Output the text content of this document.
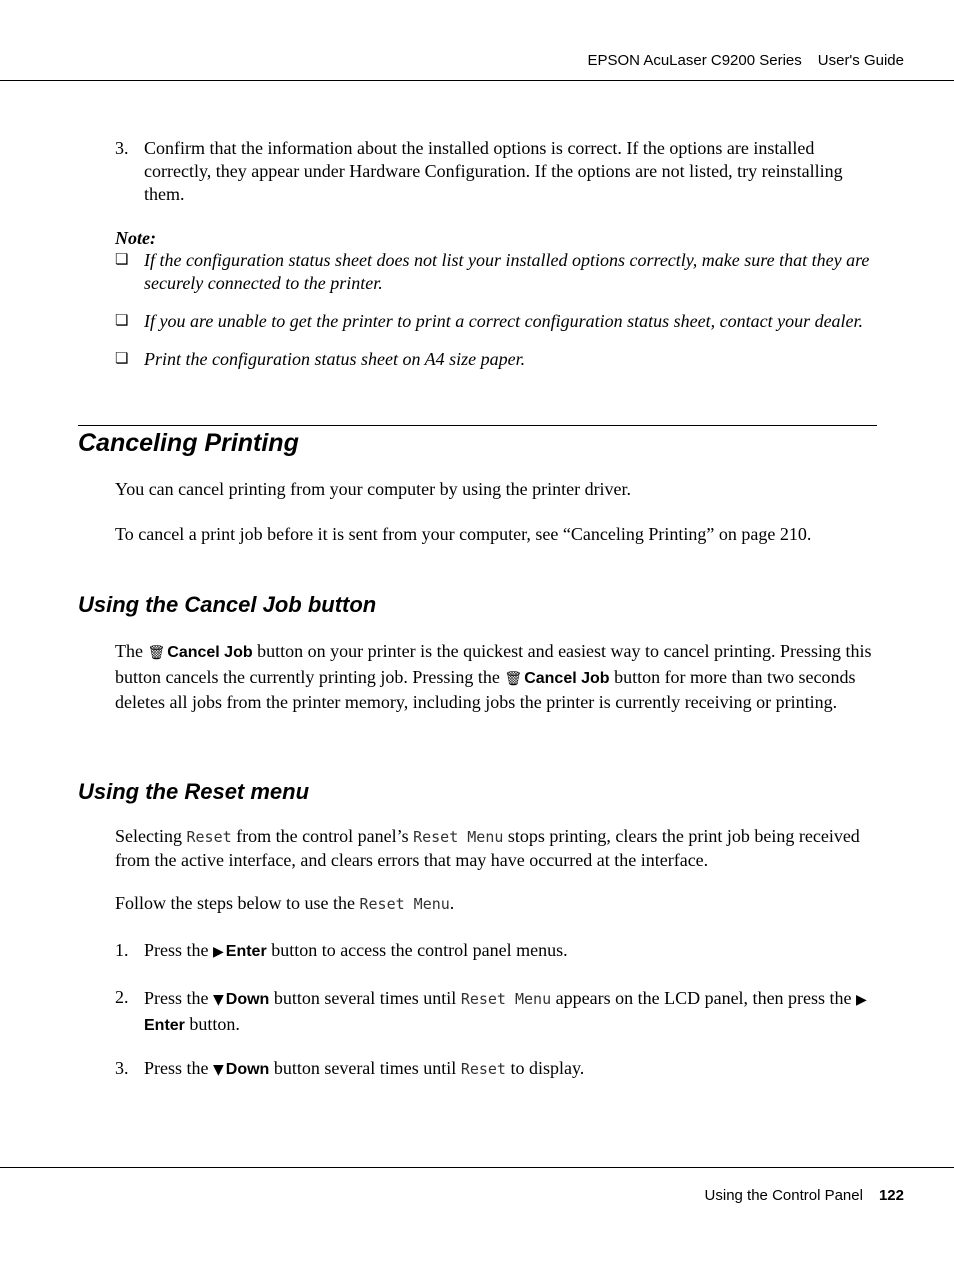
EPSON AcuLaser C9200 Series User's Guide
3. Confirm that the information about the installed options is correct. If the options are installed correctly, they appear under Hardware Configuration. If the options are not listed, try reinstalling them.

Note:
❏ If the configuration status sheet does not list your installed options correctly, make sure that they are securely connected to the printer.

❏ If you are unable to get the printer to print a correct configuration status sheet, contact your dealer.

❏ Print the configuration status sheet on A4 size paper.

Canceling Printing

You can cancel printing from your computer by using the printer driver.

To cancel a print job before it is sent from your computer, see “Canceling Printing” on page 210.

Using the Cancel Job button

The 🗑 Cancel Job button on your printer is the quickest and easiest way to cancel printing. Pressing this button cancels the currently printing job. Pressing the 🗑 Cancel Job button for more than two seconds deletes all jobs from the printer memory, including jobs the printer is currently receiving or printing.

Using the Reset menu

Selecting Reset from the control panel’s Reset Menu stops printing, clears the print job being received from the active interface, and clears errors that may have occurred at the interface.

Follow the steps below to use the Reset Menu.

1. Press the ▶ Enter button to access the control panel menus.

2. Press the ▼ Down button several times until Reset Menu appears on the LCD panel, then press the ▶Enter button.

3. Press the ▼ Down button several times until Reset to display.

Using the Control Panel 122
